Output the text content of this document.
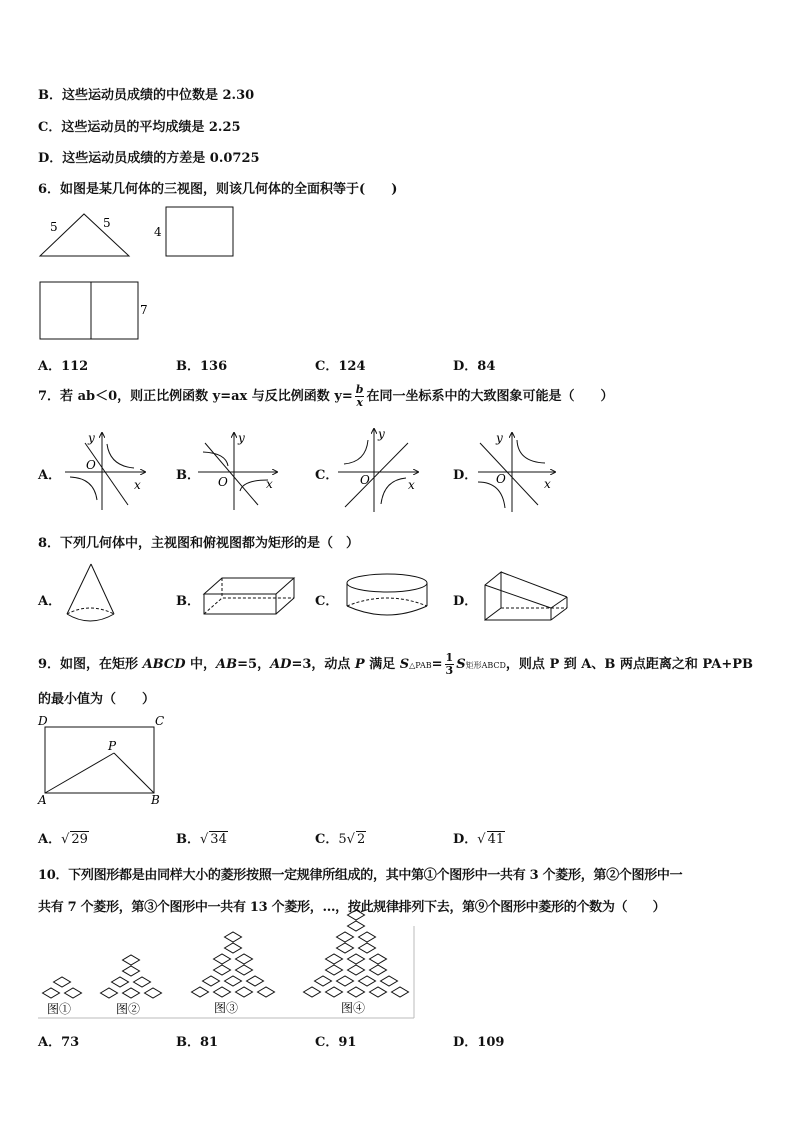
B．这些运动员成绩的中位数是 2.30
C．这些运动员的平均成绩是 2.25
D．这些运动员成绩的方差是 0.0725
6．如图是某几何体的三视图，则该几何体的全面积等于(　　)
5	5
4
7
A．112	B．136	C．124	D．84
7．若 ab＜0，则正比例函数 y=ax 与反比例函数 $y= \frac{b}{x}$ 在同一坐标系中的大致图象可能是（　　）
A．	B．	C．	D．
y
x
O
y
x
O
y
x
O
y
x
O
8．下列几何体中，主视图和俯视图都为矩形的是（　）
A．	B．	C．	D．
9．如图，在矩形 ABCD 中，AB=5，AD=3，动点 P 满足 S△PAB= $\frac{1}{3}$ S矩形ABCD，则点 P 到 A、B 两点距离之和 PA+PB
的最小值为（　　）
D	C
A	B
P
A．√ 29	B．√ 34	C．5√ 2	D．√ 41
10．下列图形都是由同样大小的菱形按照一定规律所组成的，其中第①个图形中一共有 3 个菱形，第②个图形中一
共有 7 个菱形，第③个图形中一共有 13 个菱形，…，按此规律排列下去，第⑨个图形中菱形的个数为（　　）
图①	图②	图③	图④
A．73	B．81	C．91	D．109
